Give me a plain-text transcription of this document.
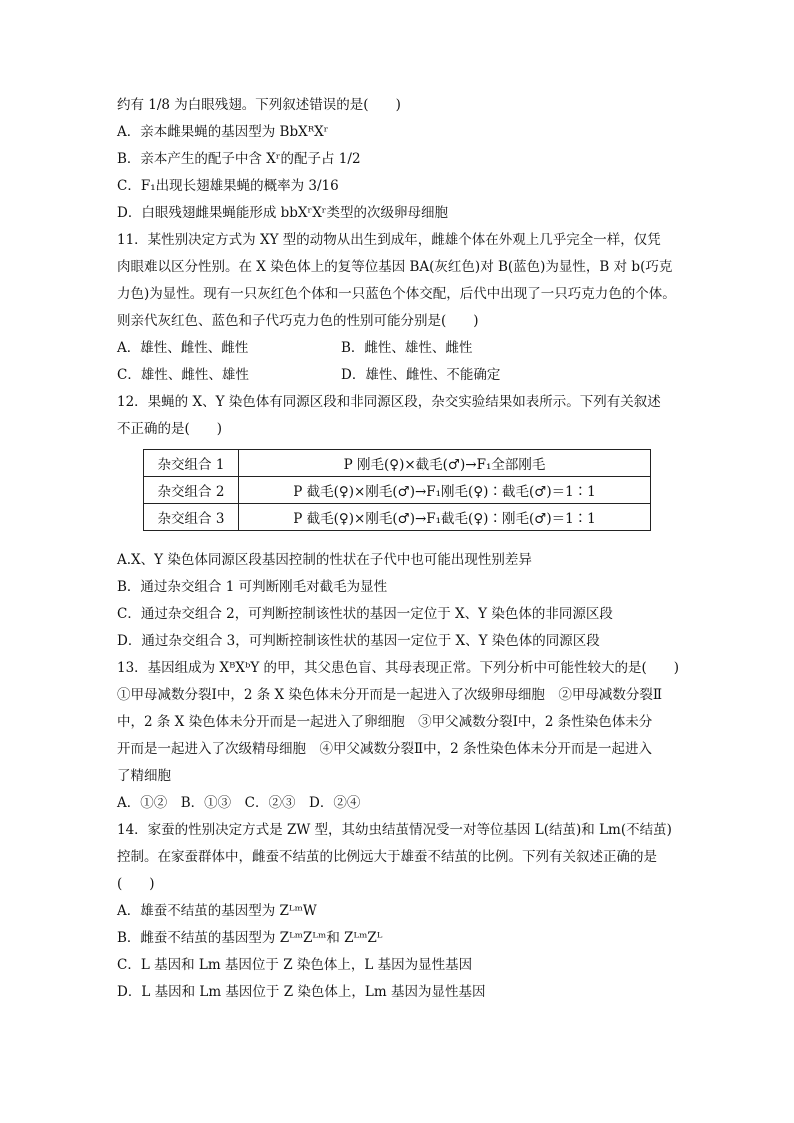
约有 1/8 为白眼残翅。下列叙述错误的是(　　)
A．亲本雌果蝇的基因型为 BbXᴿXʳ
B．亲本产生的配子中含 Xʳ的配子占 1/2
C．F₁出现长翅雄果蝇的概率为 3/16
D．白眼残翅雌果蝇能形成 bbXʳXʳ类型的次级卵母细胞
11．某性别决定方式为 XY 型的动物从出生到成年，雌雄个体在外观上几乎完全一样，仅凭
肉眼难以区分性别。在 X 染色体上的复等位基因 BA(灰红色)对 B(蓝色)为显性，B 对 b(巧克
力色)为显性。现有一只灰红色个体和一只蓝色个体交配，后代中出现了一只巧克力色的个体。
则亲代灰红色、蓝色和子代巧克力色的性别可能分别是(　　)
A．雄性、雌性、雌性	B．雌性、雄性、雌性
C．雄性、雌性、雄性	D．雄性、雌性、不能确定
12．果蝇的 X、Y 染色体有同源区段和非同源区段，杂交实验结果如表所示。下列有关叙述
不正确的是(　　)
杂交组合 1	P 刚毛(♀)×截毛(♂)→F₁全部刚毛
杂交组合 2	P 截毛(♀)×刚毛(♂)→F₁刚毛(♀)∶截毛(♂)＝1∶1
杂交组合 3	P 截毛(♀)×刚毛(♂)→F₁截毛(♀)∶刚毛(♂)＝1∶1
A.X、Y 染色体同源区段基因控制的性状在子代中也可能出现性别差异
B．通过杂交组合 1 可判断刚毛对截毛为显性
C．通过杂交组合 2，可判断控制该性状的基因一定位于 X、Y 染色体的非同源区段
D．通过杂交组合 3，可判断控制该性状的基因一定位于 X、Y 染色体的同源区段
13．基因组成为 XᴮXᵇY 的甲，其父患色盲、其母表现正常。下列分析中可能性较大的是(　　)
①甲母减数分裂Ⅰ中，2 条 X 染色体未分开而是一起进入了次级卵母细胞　②甲母减数分裂Ⅱ
中，2 条 X 染色体未分开而是一起进入了卵细胞　③甲父减数分裂Ⅰ中，2 条性染色体未分
开而是一起进入了次级精母细胞　④甲父减数分裂Ⅱ中，2 条性染色体未分开而是一起进入
了精细胞
A．①②　B．①③　C．②③　D．②④
14．家蚕的性别决定方式是 ZW 型，其幼虫结茧情况受一对等位基因 L(结茧)和 Lm(不结茧)
控制。在家蚕群体中，雌蚕不结茧的比例远大于雄蚕不结茧的比例。下列有关叙述正确的是
(　　)
A．雄蚕不结茧的基因型为 ZᴸᵐW
B．雌蚕不结茧的基因型为 ZᴸᵐZᴸᵐ和 ZᴸᵐZᴸ
C．L 基因和 Lm 基因位于 Z 染色体上，L 基因为显性基因
D．L 基因和 Lm 基因位于 Z 染色体上，Lm 基因为显性基因
